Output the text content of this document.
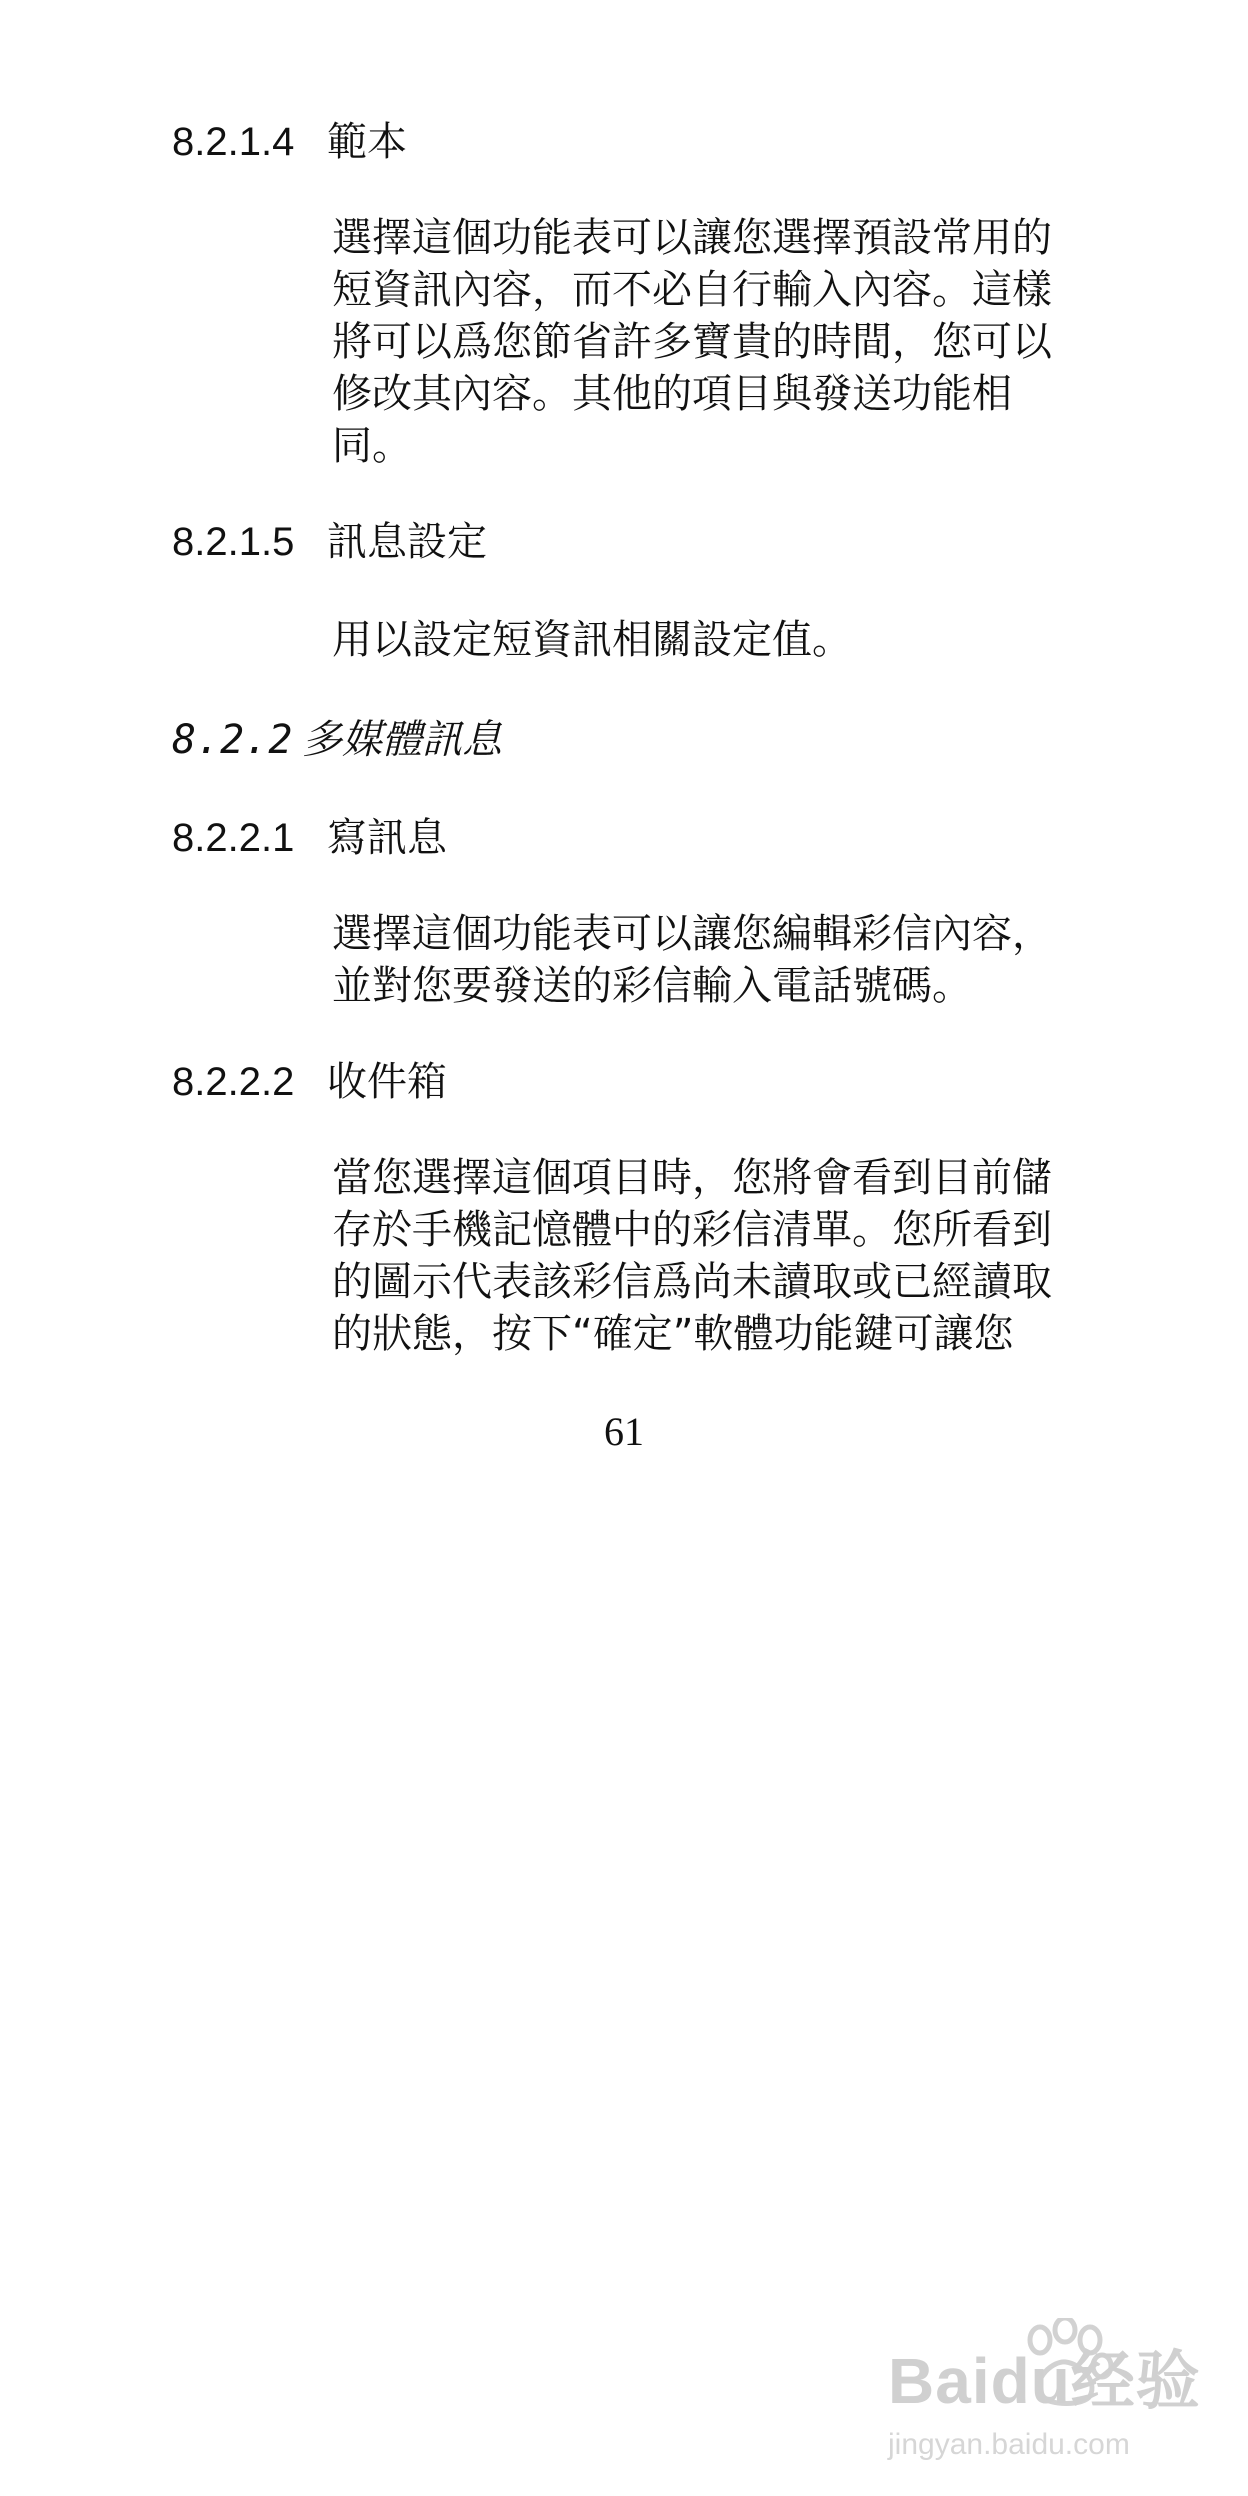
8.2.1.4 範本
選擇這個功能表可以讓您選擇預設常用的
短資訊內容，而不必自行輸入內容。這樣
將可以爲您節省許多寶貴的時間，您可以
修改其內容。其他的項目與發送功能相
同。
8.2.1.5 訊息設定
用以設定短資訊相關設定值。
8.2.2 多媒體訊息
8.2.2.1 寫訊息
選擇這個功能表可以讓您編輯彩信內容，
並對您要發送的彩信輸入電話號碼。
8.2.2.2 收件箱
當您選擇這個項目時，您將會看到目前儲
存於手機記憶體中的彩信清單。您所看到
的圖示代表該彩信爲尚未讀取或已經讀取
的狀態，按下“確定”軟體功能鍵可讓您
61
Baidu经验
jingyan.baidu.com
